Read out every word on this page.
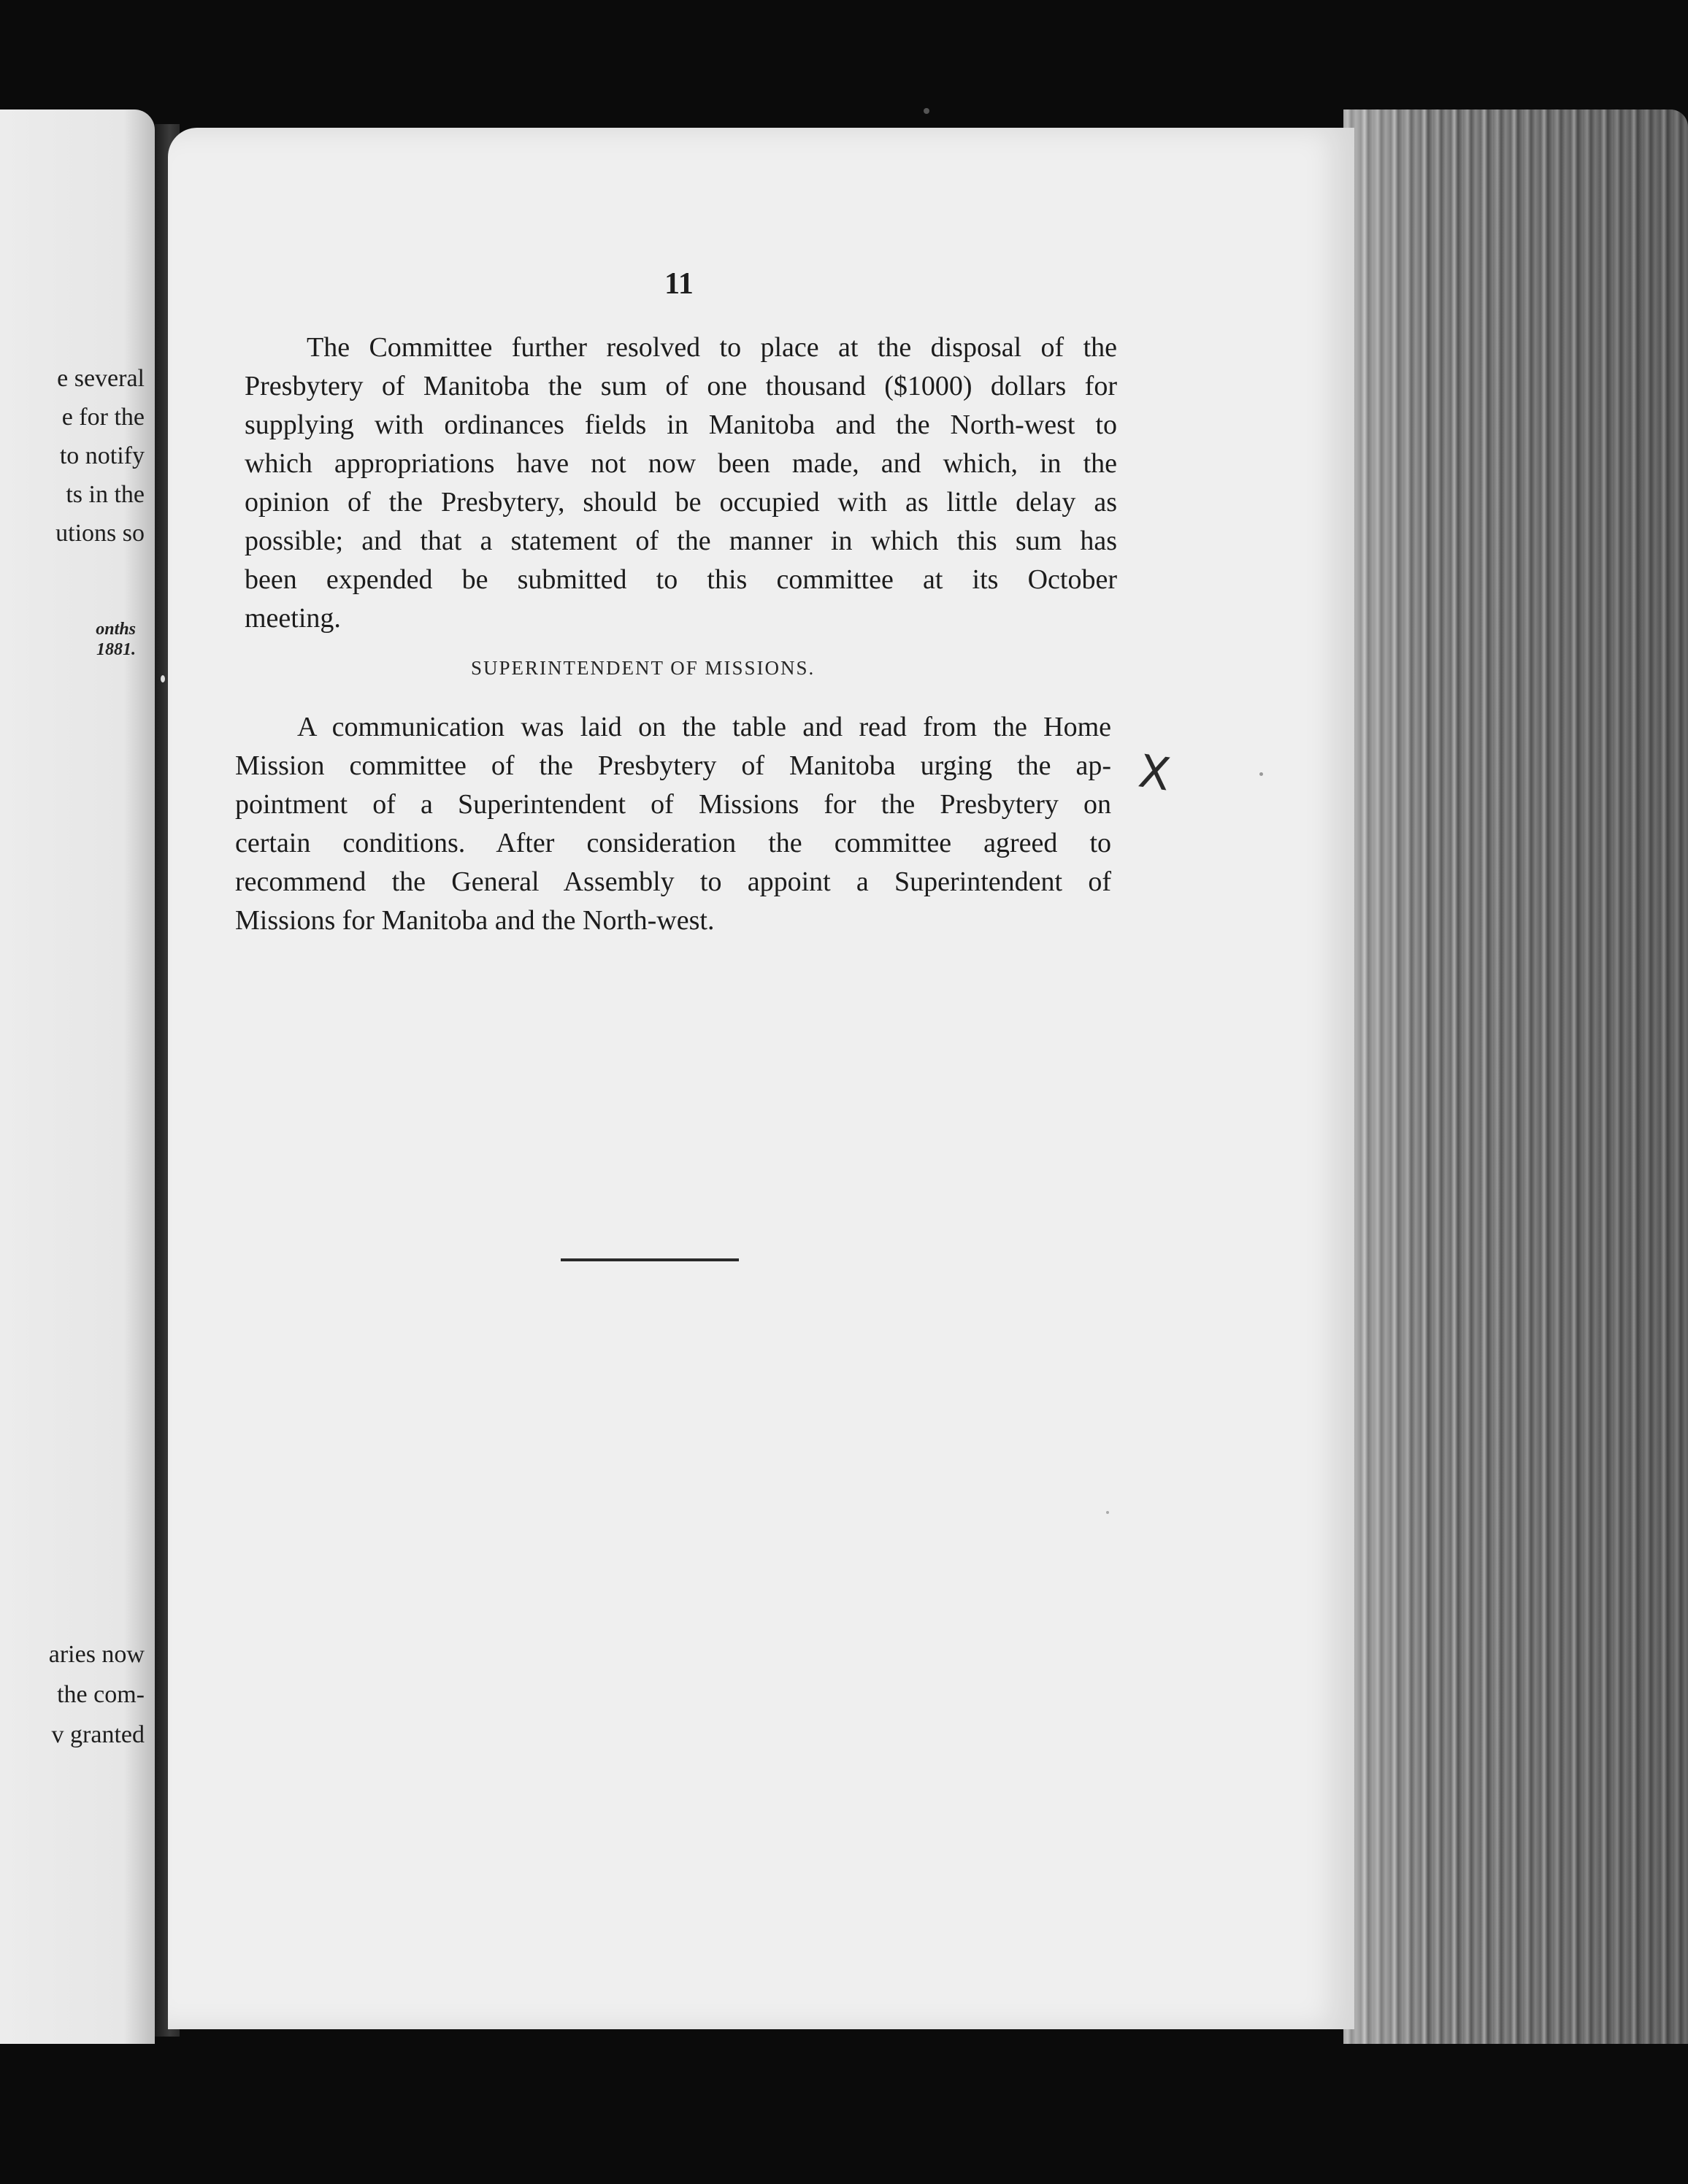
e several
e for the
to notify
ts in the
utions so
onths
1881.
aries now
the com-
v granted
11
The Committee further resolved to place at the disposal of the
Presbytery of Manitoba the sum of one thousand ($1000) dollars for
supplying with ordinances fields in Manitoba and the North-west to
which appropriations have not now been made, and which, in the
opinion of the Presbytery, should be occupied with as little delay as
possible; and that a statement of the manner in which this sum has
been expended be submitted to this committee at its October
meeting.
SUPERINTENDENT OF MISSIONS.
A communication was laid on the table and read from the Home
Mission committee of the Presbytery of Manitoba urging the ap-
pointment of a Superintendent of Missions for the Presbytery on
certain conditions. After consideration the committee agreed to
recommend the General Assembly to appoint a Superintendent of
Missions for Manitoba and the North-west.
X
